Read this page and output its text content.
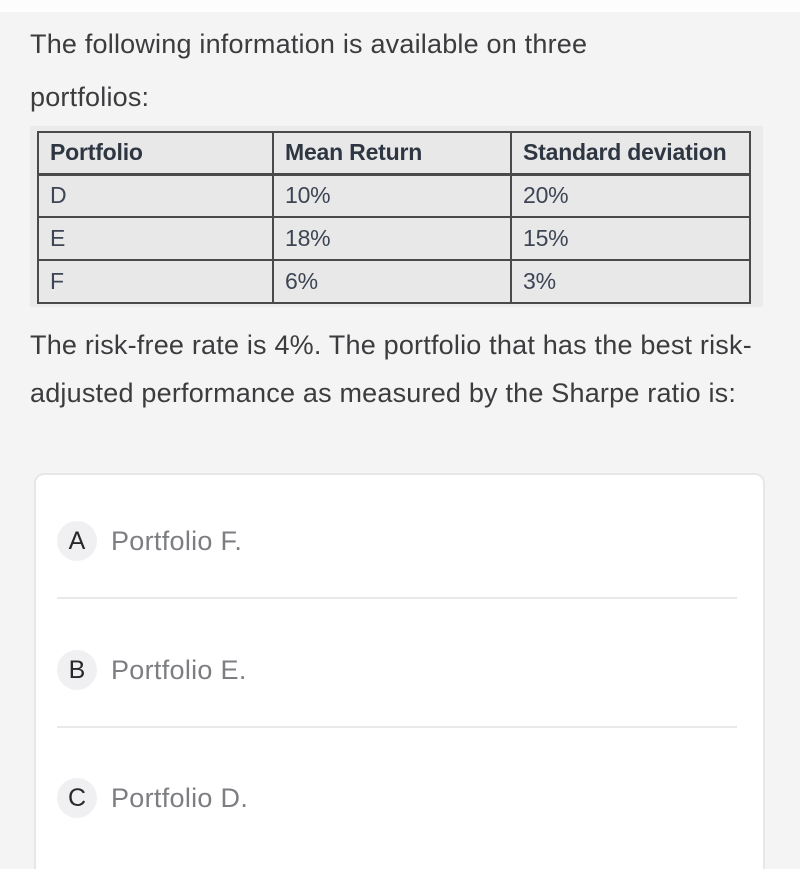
The following information is available on three
portfolios:
Portfolio	Mean Return	Standard deviation
D	10%	20%
E	18%	15%
F	6%	3%
The risk-free rate is 4%. The portfolio that has the best risk-
adjusted performance as measured by the Sharpe ratio is:
A Portfolio F.
B Portfolio E.
C Portfolio D.
